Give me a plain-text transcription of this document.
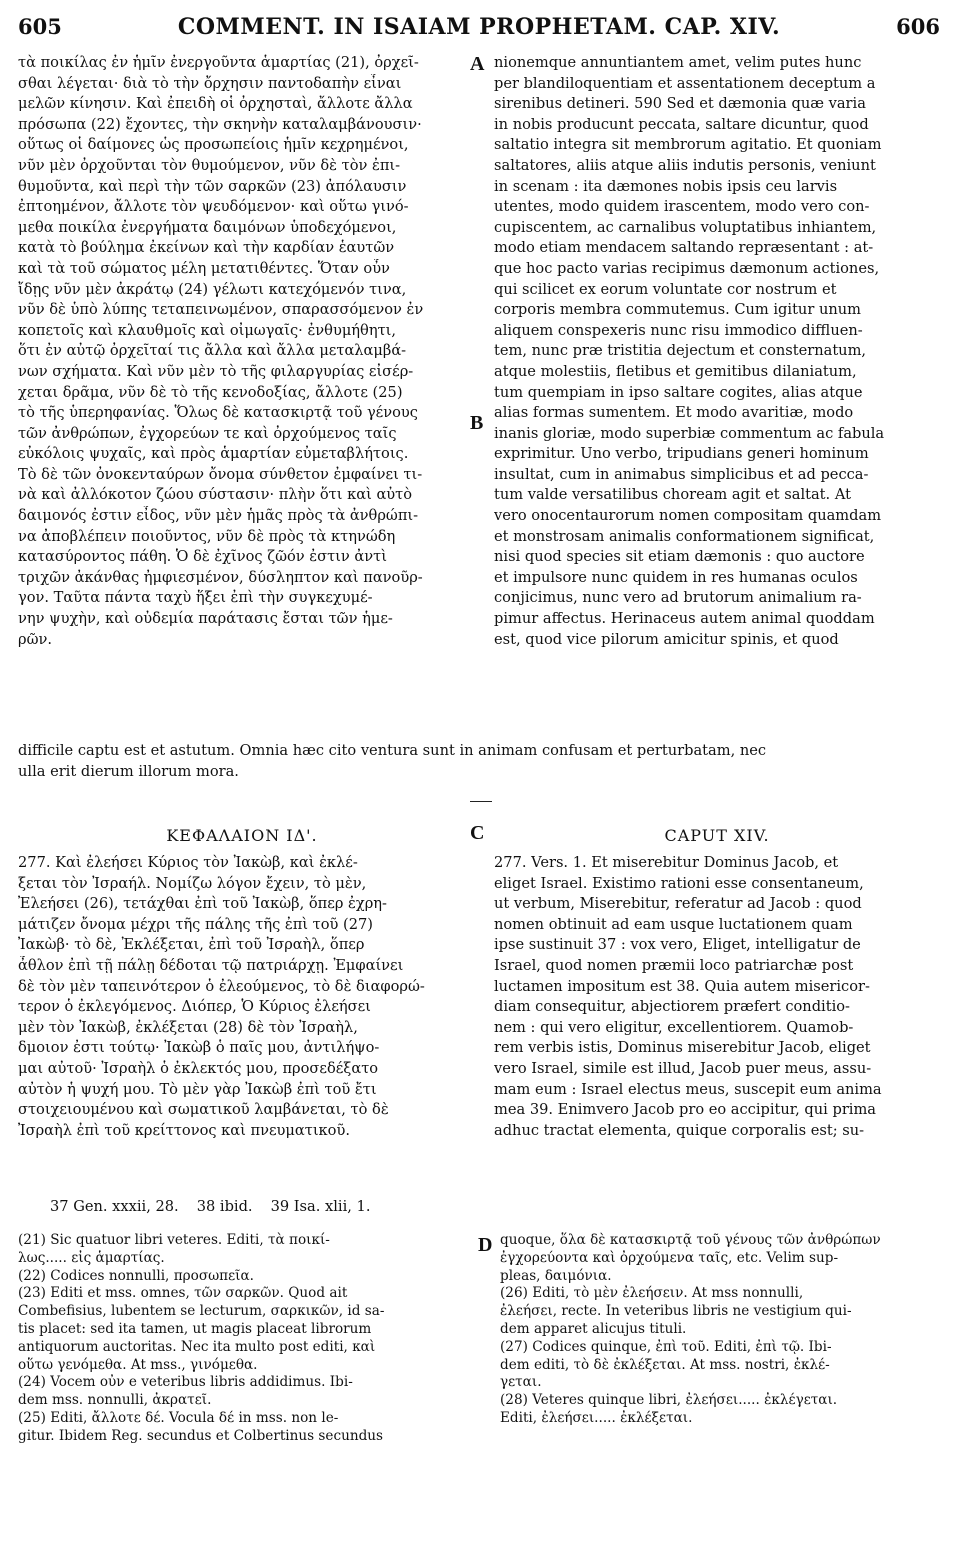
605	COMMENT. IN ISAIAM PROPHETAM. CAP. XIV.	606
τὰ ποικίλας ἐν ἡμῖν ἐνεργοῦντα ἁμαρτίας (21), ὀρχεῖ-
σθαι λέγεται· διὰ τὸ τὴν ὄρχησιν παντοδαπὴν εἶναι
μελῶν κίνησιν. Καὶ ἐπειδὴ οἱ ὀρχησταὶ, ἄλλοτε ἄλλα
πρόσωπα (22) ἔχοντες, τὴν σκηνὴν καταλαμβάνουσιν·
οὕτως οἱ δαίμονες ὡς προσωπείοις ἡμῖν κεχρημένοι,
νῦν μὲν ὀρχοῦνται τὸν θυμούμενον, νῦν δὲ τὸν ἐπι-
θυμοῦντα, καὶ περὶ τὴν τῶν σαρκῶν (23) ἀπόλαυσιν
ἐπτοημένον, ἄλλοτε τὸν ψευδόμενον· καὶ οὕτω γινό-
μεθα ποικίλα ἐνεργήματα δαιμόνων ὑποδεχόμενοι,
κατὰ τὸ βούλημα ἐκείνων καὶ τὴν καρδίαν ἑαυτῶν
καὶ τὰ τοῦ σώματος μέλη μετατιθέντες. Ὅταν οὖν
ἴδῃς νῦν μὲν ἀκράτῳ (24) γέλωτι κατεχόμενόν τινα,
νῦν δὲ ὑπὸ λύπης τεταπεινωμένον, σπαρασσόμενον ἐν
κοπετοῖς καὶ κλαυθμοῖς καὶ οἰμωγαῖς· ἐνθυμήθητι,
ὅτι ἐν αὐτῷ ὀρχεῖταί τις ἄλλα καὶ ἄλλα μεταλαμβά-
νων σχήματα. Καὶ νῦν μὲν τὸ τῆς φιλαργυρίας εἰσέρ-
χεται δρᾶμα, νῦν δὲ τὸ τῆς κενοδοξίας, ἄλλοτε (25)
τὸ τῆς ὑπερηφανίας. Ὅλως δὲ κατασκιρτᾷ τοῦ γένους
τῶν ἀνθρώπων, ἐγχορεύων τε καὶ ὀρχούμενος ταῖς
εὐκόλοις ψυχαῖς, καὶ πρὸς ἁμαρτίαν εὐμεταβλήτοις.
Τὸ δὲ τῶν ὀνοκενταύρων ὄνομα σύνθετον ἐμφαίνει τι-
νὰ καὶ ἀλλόκοτον ζώου σύστασιν· πλὴν ὅτι καὶ αὐτὸ
δαιμονός ἐστιν εἶδος, νῦν μὲν ἡμᾶς πρὸς τὰ ἀνθρώπι-
να ἀποβλέπειν ποιοῦντος, νῦν δὲ πρὸς τὰ κτηνώδη
κατασύροντος πάθη. Ὁ δὲ ἐχῖνος ζῶόν ἐστιν ἀντὶ
τριχῶν ἀκάνθας ἠμφιεσμένον, δύσληπτον καὶ πανοῦρ-
γον. Ταῦτα πάντα ταχὺ ἥξει ἐπὶ τὴν συγκεχυμέ-
νην ψυχὴν, καὶ οὐδεμία παράτασις ἔσται τῶν ἡμε-
ρῶν.
nionemque annuntiantem amet, velim putes hunc
per blandiloquentiam et assentationem deceptum a
sirenibus detineri. 590 Sed et dæmonia quæ varia
in nobis producunt peccata, saltare dicuntur, quod
saltatio integra sit membrorum agitatio. Et quoniam
saltatores, aliis atque aliis indutis personis, veniunt
in scenam : ita dæmones nobis ipsis ceu larvis
utentes, modo quidem irascentem, modo vero con-
cupiscentem, ac carnalibus voluptatibus inhiantem,
modo etiam mendacem saltando repræsentant : at-
que hoc pacto varias recipimus dæmonum actiones,
qui scilicet ex eorum voluntate cor nostrum et
corporis membra commutemus. Cum igitur unum
aliquem conspexeris nunc risu immodico diffluen-
tem, nunc præ tristitia dejectum et consternatum,
atque molestiis, fletibus et gemitibus dilaniatum,
tum quempiam in ipso saltare cogites, alias atque
alias formas sumentem. Et modo avaritiæ, modo
inanis gloriæ, modo superbiæ commentum ac fabula
exprimitur. Uno verbo, tripudians generi hominum
insultat, cum in animabus simplicibus et ad pecca-
tum valde versatilibus choream agit et saltat. At
vero onocentaurorum nomen compositam quamdam
et monstrosam animalis conformationem significat,
nisi quod species sit etiam dæmonis : quo auctore
et impulsore nunc quidem in res humanas oculos
conjicimus, nunc vero ad brutorum animalium ra-
pimur affectus. Herinaceus autem animal quoddam
est, quod vice pilorum amicitur spinis, et quod
A
B
C
D
difficile captu est et astutum. Omnia hæc cito ventura sunt in animam confusam et perturbatam, nec
ulla erit dierum illorum mora.
ΚΕΦΑΛΑΙΟΝ ΙΔ'.	CAPUT XIV.
277. Καὶ ἐλεήσει Κύριος τὸν Ἰακὼβ, καὶ ἐκλέ-
ξεται τὸν Ἰσραήλ. Νομίζω λόγον ἔχειν, τὸ μὲν,
Ἐλεήσει (26), τετάχθαι ἐπὶ τοῦ Ἰακὼβ, ὅπερ ἐχρη-
μάτιζεν ὄνομα μέχρι τῆς πάλης τῆς ἐπὶ τοῦ (27)
Ἰακὼβ· τὸ δὲ, Ἐκλέξεται, ἐπὶ τοῦ Ἰσραὴλ, ὅπερ
ἆθλον ἐπὶ τῇ πάλῃ δέδοται τῷ πατριάρχῃ. Ἐμφαίνει
δὲ τὸν μὲν ταπεινότερον ὁ ἐλεούμενος, τὸ δὲ διαφορώ-
τερον ὁ ἐκλεγόμενος. Διόπερ, Ὁ Κύριος ἐλεήσει
μὲν τὸν Ἰακὼβ, ἐκλέξεται (28) δὲ τὸν Ἰσραὴλ,
δμοιον ἐστι τούτῳ· Ἰακὼβ ὁ παῖς μου, ἀντιλήψο-
μαι αὐτοῦ· Ἰσραὴλ ὁ ἐκλεκτός μου, προσεδέξατο
αὐτὸν ἡ ψυχή μου. Τὸ μὲν γὰρ Ἰακὼβ ἐπὶ τοῦ ἔτι
στοιχειουμένου καὶ σωματικοῦ λαμβάνεται, τὸ δὲ
Ἰσραὴλ ἐπὶ τοῦ κρείττονος καὶ πνευματικοῦ.
277. Vers. 1. Et miserebitur Dominus Jacob, et
eliget Israel. Existimo rationi esse consentaneum,
ut verbum, Miserebitur, referatur ad Jacob : quod
nomen obtinuit ad eam usque luctationem quam
ipse sustinuit 37 : vox vero, Eliget, intelligatur de
Israel, quod nomen præmii loco patriarchæ post
luctamen impositum est 38. Quia autem misericor-
diam consequitur, abjectiorem præfert conditio-
nem : qui vero eligitur, excellentiorem. Quamob-
rem verbis istis, Dominus miserebitur Jacob, eliget
vero Israel, simile est illud, Jacob puer meus, assu-
mam eum : Israel electus meus, suscepit eum anima
mea 39. Enimvero Jacob pro eo accipitur, qui prima
adhuc tractat elementa, quique corporalis est; su-
37 Gen. xxxii, 28. 38 ibid. 39 Isa. xlii, 1.
(21) Sic quatuor libri veteres. Editi, τὰ ποικί-
λως..... εἰς ἁμαρτίας.
(22) Codices nonnulli, προσωπεῖα.
(23) Editi et mss. omnes, τῶν σαρκῶν. Quod ait
Combefisius, lubentem se lecturum, σαρκικῶν, id sa-
tis placet: sed ita tamen, ut magis placeat librorum
antiquorum auctoritas. Nec ita multo post editi, καὶ
οὕτω γενόμεθα. At mss., γινόμεθα.
(24) Vocem οὖν e veteribus libris addidimus. Ibi-
dem mss. nonnulli, ἀκρατεῖ.
(25) Editi, ἄλλοτε δέ. Vocula δέ in mss. non le-
gitur. Ibidem Reg. secundus et Colbertinus secundus
quoque, ὅλα δὲ κατασκιρτᾷ τοῦ γένους τῶν ἀνθρώπων
ἐγχορεύοντα καὶ ὀρχούμενα ταῖς, etc. Velim sup-
pleas, δαιμόνια.
(26) Editi, τὸ μὲν ἐλεήσειν. At mss nonnulli,
ἐλεήσει, recte. In veteribus libris ne vestigium qui-
dem apparet alicujus tituli.
(27) Codices quinque, ἐπὶ τοῦ. Editi, ἐπὶ τῷ. Ibi-
dem editi, τὸ δὲ ἐκλέξεται. At mss. nostri, ἐκλέ-
γεται.
(28) Veteres quinque libri, ἐλεήσει..... ἐκλέγεται.
Editi, ἐλεήσει..... ἐκλέξεται.
